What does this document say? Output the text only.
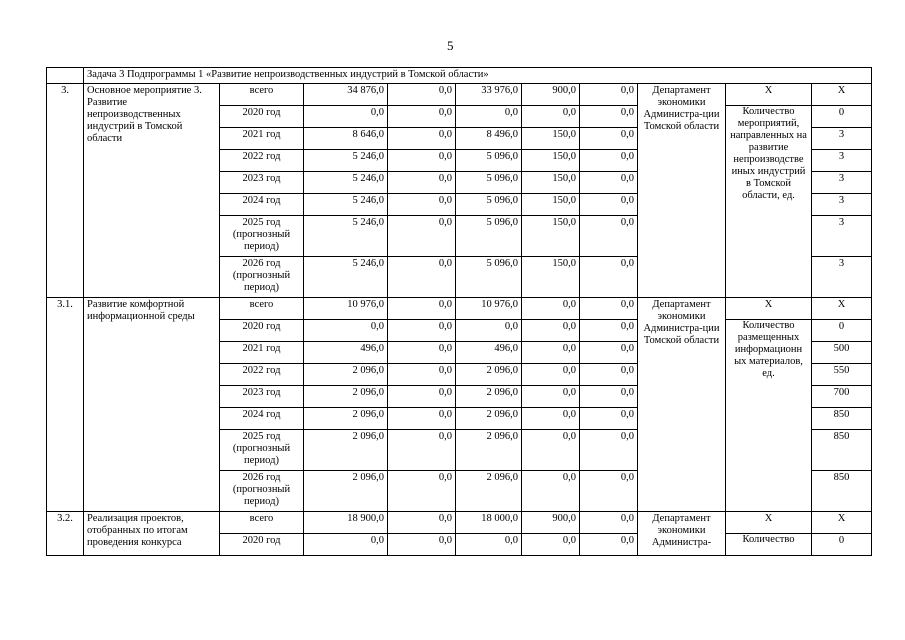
5
	Задача 3 Подпрограммы 1 «Развитие непроизводственных индустрий в Томской области»									
3.	Основное мероприятие 3. Развитие непроизводственных индустрий в Томской области	всего	34 876,0	0,0	33 976,0	900,0	0,0	Департамент экономики Администра-ции Томской области	Х	Х
		2020 год	0,0	0,0	0,0	0,0	0,0		Количество мероприятий, направленных на развитие непроизводстве иных индустрий в Томской области, ед.	0
		2021 год	8 646,0	0,0	8 496,0	150,0	0,0			3
		2022 год	5 246,0	0,0	5 096,0	150,0	0,0			3
		2023 год	5 246,0	0,0	5 096,0	150,0	0,0			3
		2024 год	5 246,0	0,0	5 096,0	150,0	0,0			3
		2025 год (прогнозный период)	5 246,0	0,0	5 096,0	150,0	0,0			3
		2026 год (прогнозный период)	5 246,0	0,0	5 096,0	150,0	0,0			3
3.1.	Развитие комфортной информационной среды	всего	10 976,0	0,0	10 976,0	0,0	0,0	Департамент экономики Администра-ции Томской области	Х	Х
		2020 год	0,0	0,0	0,0	0,0	0,0		Количество размещенных информационн ых материалов, ед.	0
		2021 год	496,0	0,0	496,0	0,0	0,0			500
		2022 год	2 096,0	0,0	2 096,0	0,0	0,0			550
		2023 год	2 096,0	0,0	2 096,0	0,0	0,0			700
		2024 год	2 096,0	0,0	2 096,0	0,0	0,0			850
		2025 год (прогнозный период)	2 096,0	0,0	2 096,0	0,0	0,0			850
		2026 год (прогнозный период)	2 096,0	0,0	2 096,0	0,0	0,0			850
3.2.	Реализация проектов, отобранных по итогам проведения конкурса	всего	18 900,0	0,0	18 000,0	900,0	0,0	Департамент экономики Администра-	Х	Х
		2020 год	0,0	0,0	0,0	0,0	0,0		Количество	0
